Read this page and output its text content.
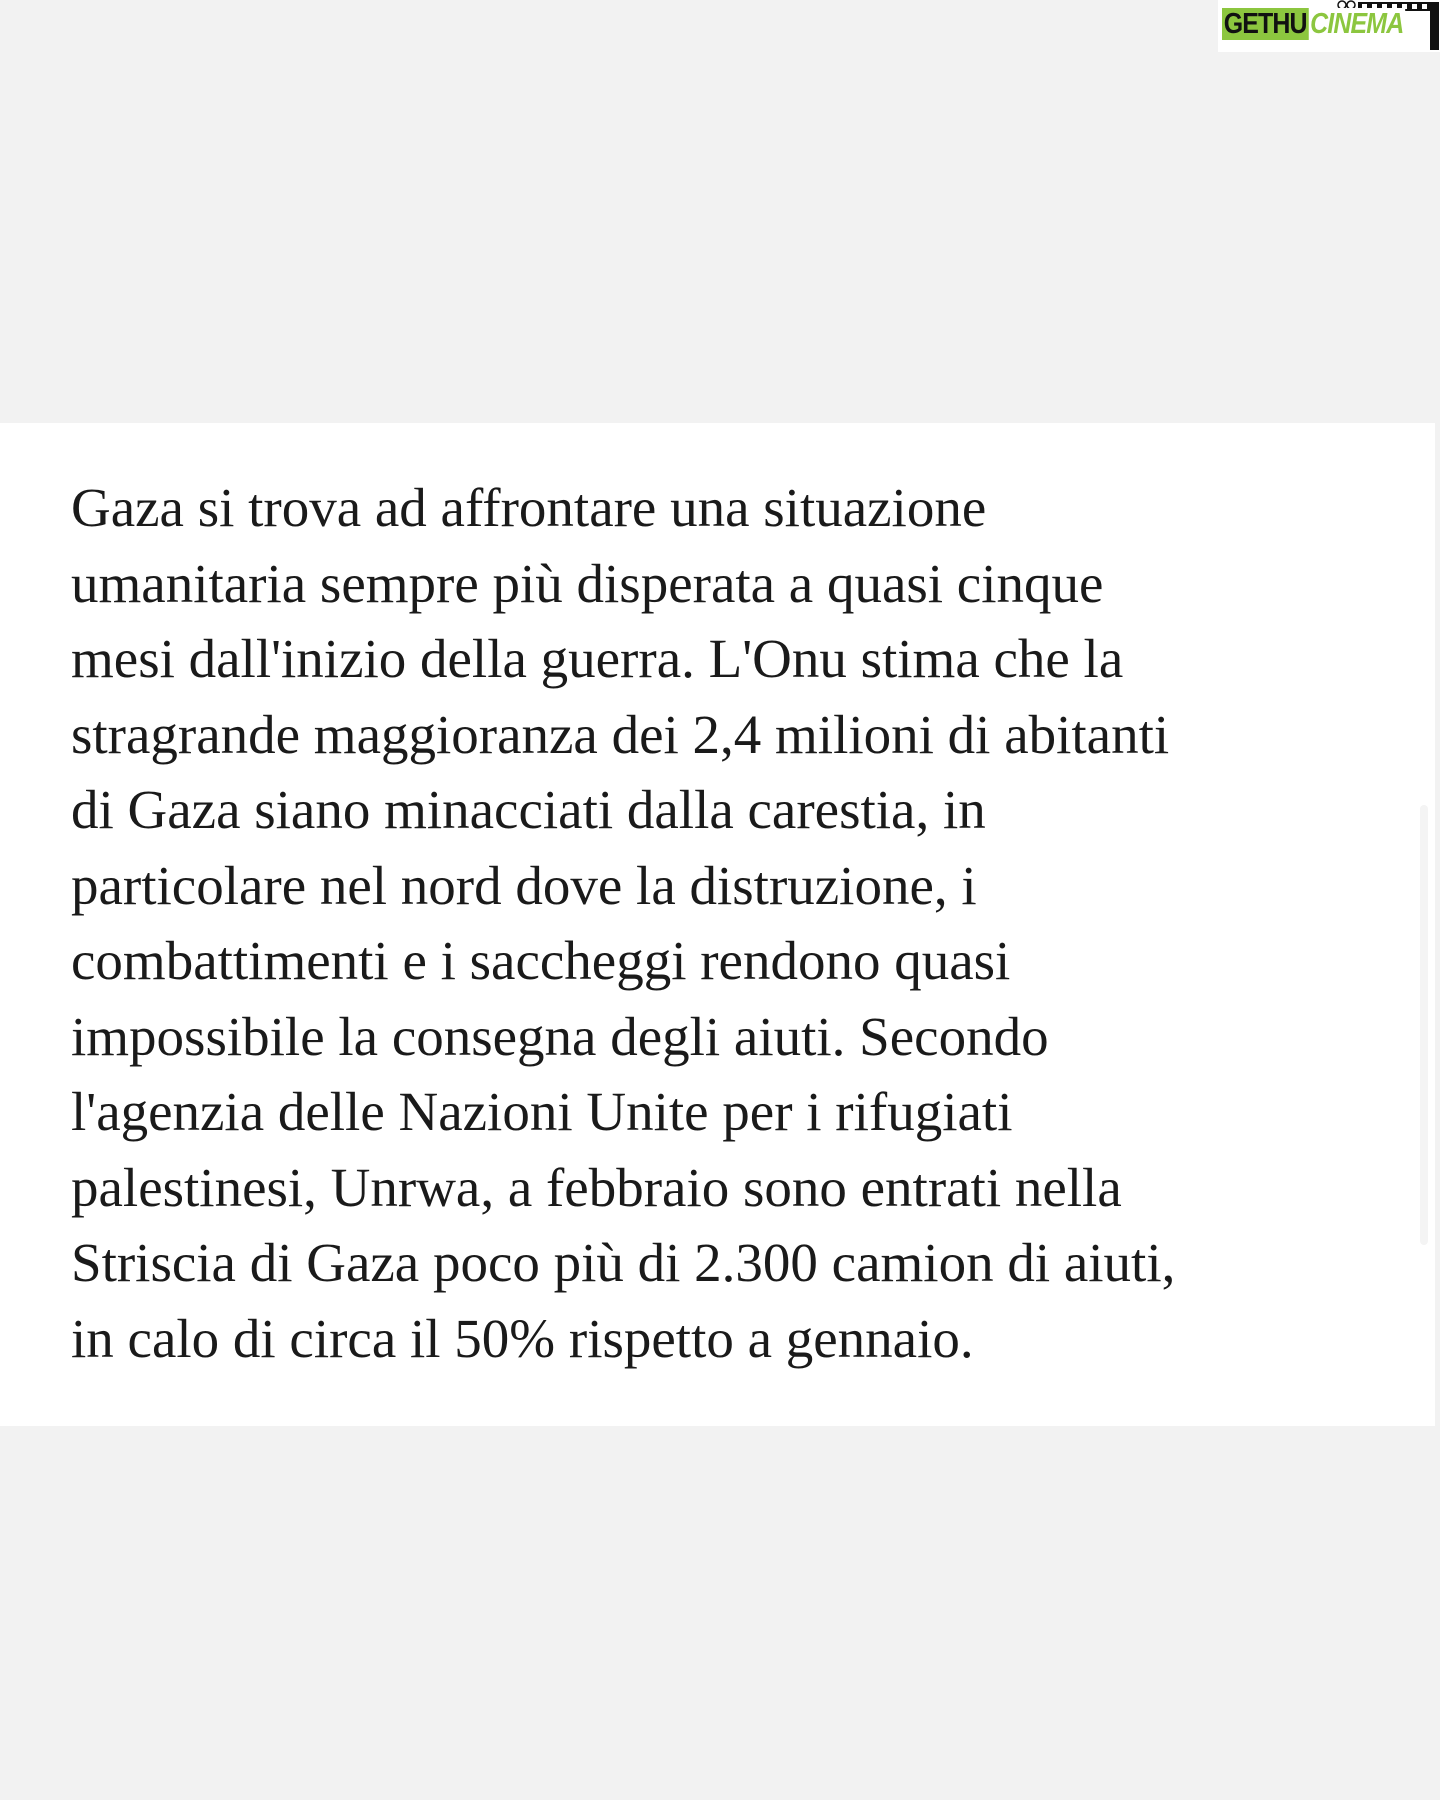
GETHU CINEMA

Gaza si trova ad affrontare una situazione
umanitaria sempre più disperata a quasi cinque
mesi dall'inizio della guerra. L'Onu stima che la
stragrande maggioranza dei 2,4 milioni di abitanti
di Gaza siano minacciati dalla carestia, in
particolare nel nord dove la distruzione, i
combattimenti e i saccheggi rendono quasi
impossibile la consegna degli aiuti. Secondo
l'agenzia delle Nazioni Unite per i rifugiati
palestinesi, Unrwa, a febbraio sono entrati nella
Striscia di Gaza poco più di 2.300 camion di aiuti,
in calo di circa il 50% rispetto a gennaio.
